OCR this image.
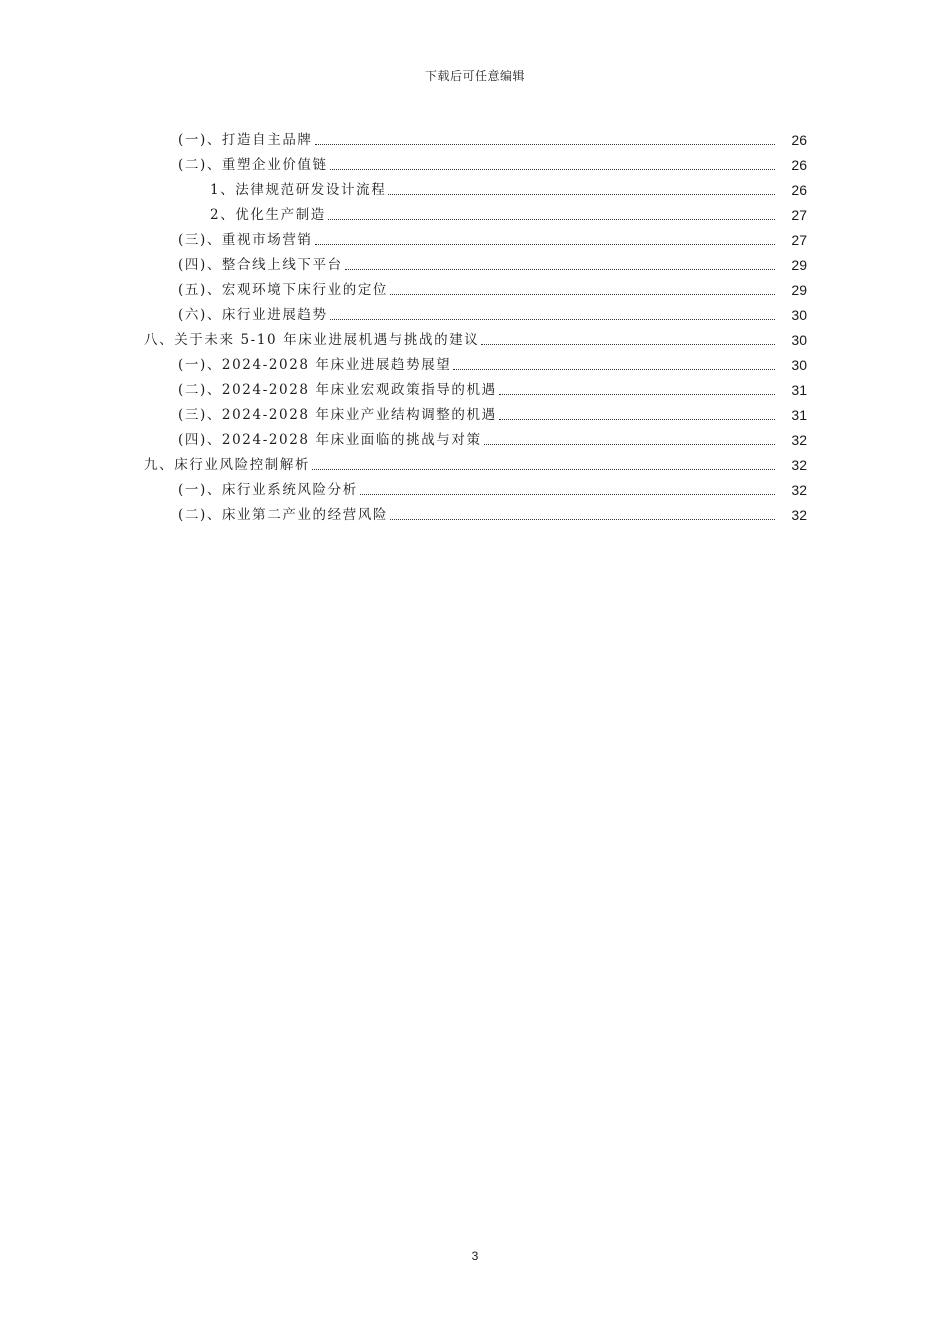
下载后可任意编辑
(一)、打造自主品牌	26
(二)、重塑企业价值链	26
1、法律规范研发设计流程	26
2、优化生产制造	27
(三)、重视市场营销	27
(四)、整合线上线下平台	29
(五)、宏观环境下床行业的定位	29
(六)、床行业进展趋势	30
八、关于未来 5-10 年床业进展机遇与挑战的建议	30
(一)、2024-2028 年床业进展趋势展望	30
(二)、2024-2028 年床业宏观政策指导的机遇	31
(三)、2024-2028 年床业产业结构调整的机遇	31
(四)、2024-2028 年床业面临的挑战与对策	32
九、床行业风险控制解析	32
(一)、床行业系统风险分析	32
(二)、床业第二产业的经营风险	32
3
